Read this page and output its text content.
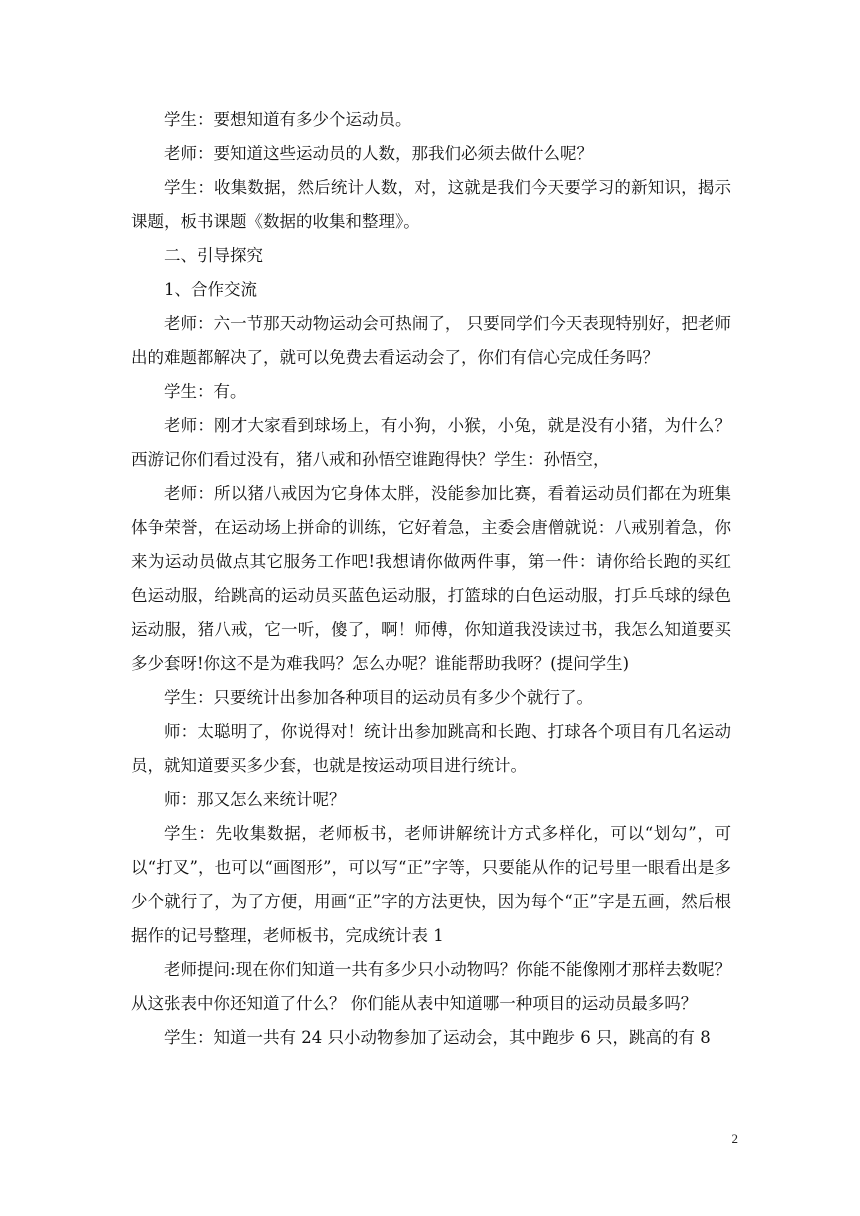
学生：要想知道有多少个运动员。

老师：要知道这些运动员的人数，那我们必须去做什么呢？

学生：收集数据，然后统计人数，对，这就是我们今天要学习的新知识，揭示课题，板书课题《数据的收集和整理》。

二、引导探究

1、合作交流

老师：六一节那天动物运动会可热闹了， 只要同学们今天表现特别好，把老师出的难题都解决了，就可以免费去看运动会了，你们有信心完成任务吗？

学生：有。

老师：刚才大家看到球场上，有小狗，小猴，小兔，就是没有小猪，为什么？西游记你们看过没有，猪八戒和孙悟空谁跑得快？学生：孙悟空，

老师：所以猪八戒因为它身体太胖，没能参加比赛，看着运动员们都在为班集体争荣誉，在运动场上拼命的训练，它好着急，主委会唐僧就说：八戒别着急，你来为运动员做点其它服务工作吧!我想请你做两件事，第一件：请你给长跑的买红色运动服，给跳高的运动员买蓝色运动服，打篮球的白色运动服，打乒乓球的绿色运动服，猪八戒，它一听，傻了，啊！师傅，你知道我没读过书，我怎么知道要买多少套呀!你这不是为难我吗？怎么办呢？谁能帮助我呀？(提问学生)

学生：只要统计出参加各种项目的运动员有多少个就行了。

师：太聪明了，你说得对！统计出参加跳高和长跑、打球各个项目有几名运动员，就知道要买多少套，也就是按运动项目进行统计。

师：那又怎么来统计呢？

学生：先收集数据，老师板书，老师讲解统计方式多样化，可以“划勾”，可以“打叉”，也可以“画图形”，可以写“正”字等，只要能从作的记号里一眼看出是多少个就行了，为了方便，用画“正”字的方法更快，因为每个“正”字是五画，然后根据作的记号整理，老师板书，完成统计表 1

老师提问:现在你们知道一共有多少只小动物吗？你能不能像刚才那样去数呢？ 从这张表中你还知道了什么？ 你们能从表中知道哪一种项目的运动员最多吗？

学生：知道一共有 24 只小动物参加了运动会，其中跑步 6 只，跳高的有 8

2
